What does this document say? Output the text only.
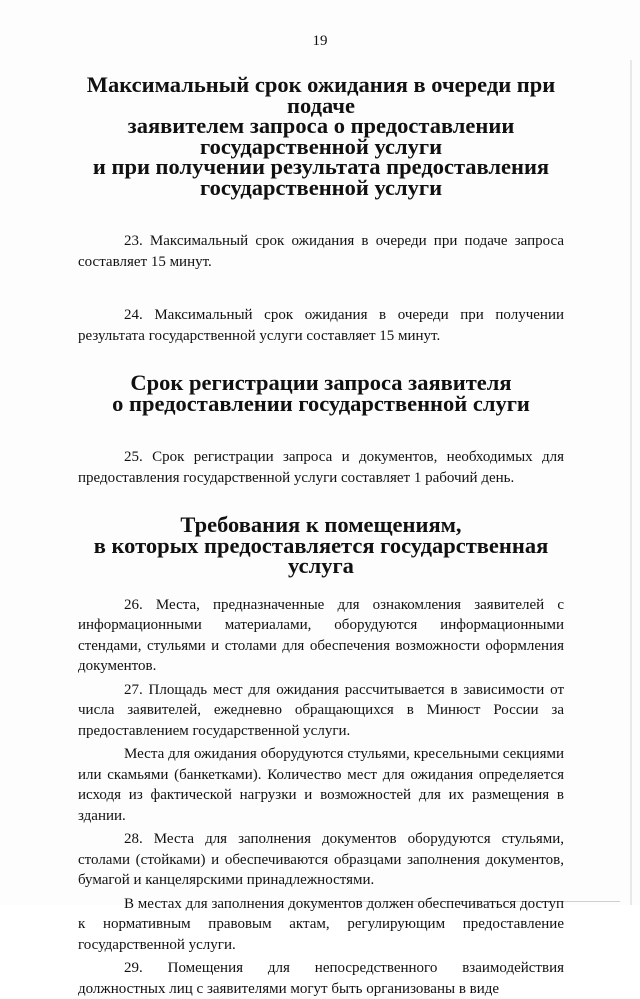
19
Максимальный срок ожидания в очереди при подаче
заявителем запроса о предоставлении государственной услуги
и при получении результата предоставления государственной услуги

23. Максимальный срок ожидания в очереди при подаче запроса составляет 15 минут.

24. Максимальный срок ожидания в очереди при получении результата государственной услуги составляет 15 минут.

Срок регистрации запроса заявителя
о предоставлении государственной слуги

25. Срок регистрации запроса и документов, необходимых для предоставления государственной услуги составляет 1 рабочий день.

Требования к помещениям,
в которых предоставляется государственная услуга

26. Места, предназначенные для ознакомления заявителей с информационными материалами, оборудуются информационными стендами, стульями и столами для обеспечения возможности оформления документов.

27. Площадь мест для ожидания рассчитывается в зависимости от числа заявителей, ежедневно обращающихся в Минюст России за предоставлением государственной услуги.

Места для ожидания оборудуются стульями, кресельными секциями или скамьями (банкетками). Количество мест для ожидания определяется исходя из фактической нагрузки и возможностей для их размещения в здании.

28. Места для заполнения документов оборудуются стульями, столами (стойками) и обеспечиваются образцами заполнения документов, бумагой и канцелярскими принадлежностями.

В местах для заполнения документов должен обеспечиваться доступ к нормативным правовым актам, регулирующим предоставление государственной услуги.

29. Помещения для непосредственного взаимодействия должностных лиц с заявителями могут быть организованы в виде
